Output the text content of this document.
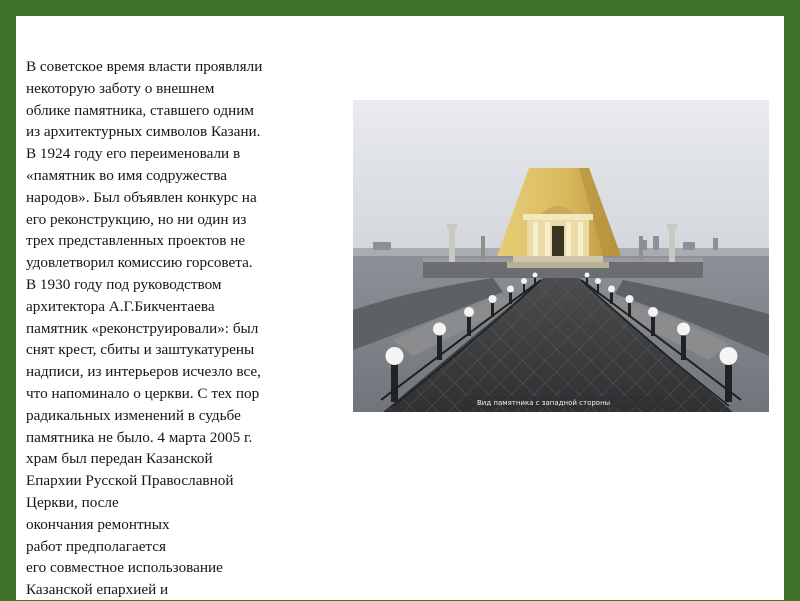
В советское время власти проявляли
некоторую заботу о внешнем
облике памятника, ставшего одним
из архитектурных символов Казани.
В 1924 году его переименовали в
«памятник во имя содружества
народов». Был объявлен конкурс на
его реконструкцию, но ни один из
трех представленных проектов не
удовлетворил комиссию горсовета.
В 1930 году под руководством
архитектора А.Г.Бикчентаева
памятник «реконструировали»: был
снят крест, сбиты и заштукатурены
надписи, из интерьеров исчезло все,
что напоминало о церкви. С тех пор
радикальных изменений в судьбе
памятника не было. 4 марта 2005 г.
храм был передан Казанской
Епархии Русской Православной
Церкви, после
окончания ремонтных
работ предполагается
его совместное использование
Казанской епархией и
Вид памятника с западной стороны
